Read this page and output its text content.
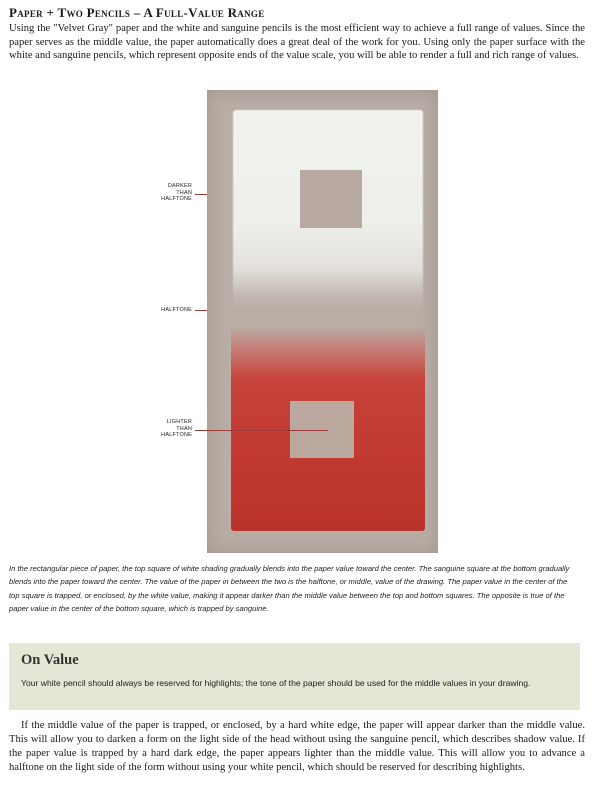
Paper + Two Pencils – A Full-Value Range
Using the "Velvet Gray" paper and the white and sanguine pencils is the most efficient way to achieve a full range of values. Since the paper serves as the middle value, the paper automatically does a great deal of the work for you. Using only the paper surface with the white and sanguine pencils, which represent opposite ends of the value scale, you will be able to render a full and rich range of values.
DARKER
THAN
HALFTONE
HALFTONE
LIGHTER
THAN
HALFTONE
In the rectangular piece of paper, the top square of white shading gradually blends into the paper value toward the center. The sanguine square at the bottom gradually blends into the paper toward the center. The value of the paper in between the two is the halftone, or middle, value of the drawing. The paper value in the center of the top square is trapped, or enclosed, by the white value, making it appear darker than the middle value between the top and bottom squares. The opposite is true of the paper value in the center of the bottom square, which is trapped by sanguine.
On Value
Your white pencil should always be reserved for highlights; the tone of the paper should be used for the middle values in your drawing.
If the middle value of the paper is trapped, or enclosed, by a hard white edge, the paper will appear darker than the middle value. This will allow you to darken a form on the light side of the head without using the sanguine pencil, which describes shadow value. If the paper value is trapped by a hard dark edge, the paper appears lighter than the middle value. This will allow you to advance a halftone on the light side of the form without using your white pencil, which should be reserved for describing highlights.
